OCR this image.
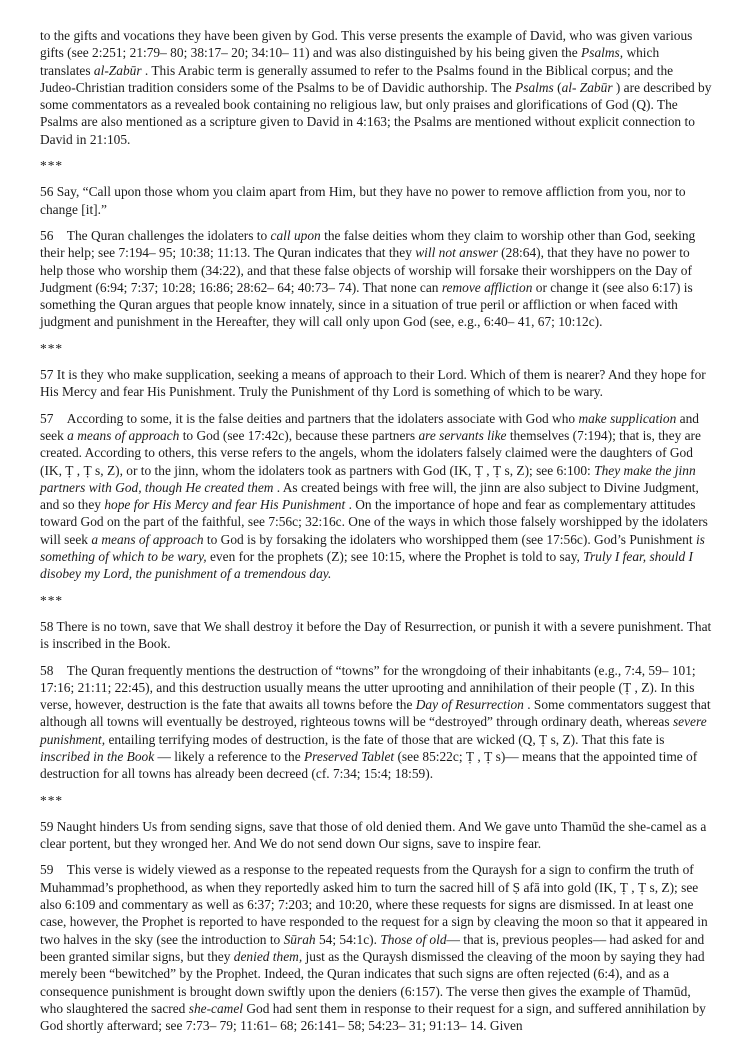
to the gifts and vocations they have been given by God. This verse presents the example of David, who was given various gifts (see 2:251; 21:79– 80; 38:17– 20; 34:10– 11) and was also distinguished by his being given the Psalms, which translates al-Zabūr . This Arabic term is generally assumed to refer to the Psalms found in the Biblical corpus; and the Judeo-Christian tradition considers some of the Psalms to be of Davidic authorship. The Psalms (al- Zabūr ) are described by some commentators as a revealed book containing no religious law, but only praises and glorifications of God (Q). The Psalms are also mentioned as a scripture given to David in 4:163; the Psalms are mentioned without explicit connection to David in 21:105.

***

56 Say, “Call upon those whom you claim apart from Him, but they have no power to remove affliction from you, nor to change [it].”

56  The Quran challenges the idolaters to call upon the false deities whom they claim to worship other than God, seeking their help; see 7:194– 95; 10:38; 11:13. The Quran indicates that they will not answer (28:64), that they have no power to help those who worship them (34:22), and that these false objects of worship will forsake their worshippers on the Day of Judgment (6:94; 7:37; 10:28; 16:86; 28:62– 64; 40:73– 74). That none can remove affliction or change it (see also 6:17) is something the Quran argues that people know innately, since in a situation of true peril or affliction or when faced with judgment and punishment in the Hereafter, they will call only upon God (see, e.g., 6:40– 41, 67; 10:12c).

***

57 It is they who make supplication, seeking a means of approach to their Lord. Which of them is nearer? And they hope for His Mercy and fear His Punishment. Truly the Punishment of thy Lord is something of which to be wary.

57  According to some, it is the false deities and partners that the idolaters associate with God who make supplication and seek a means of approach to God (see 17:42c), because these partners are servants like themselves (7:194); that is, they are created. According to others, this verse refers to the angels, whom the idolaters falsely claimed were the daughters of God (IK, Ṭ , Ṭ s, Z), or to the jinn, whom the idolaters took as partners with God (IK, Ṭ , Ṭ s, Z); see 6:100: They make the jinn partners with God, though He created them . As created beings with free will, the jinn are also subject to Divine Judgment, and so they hope for His Mercy and fear His Punishment . On the importance of hope and fear as complementary attitudes toward God on the part of the faithful, see 7:56c; 32:16c. One of the ways in which those falsely worshipped by the idolaters will seek a means of approach to God is by forsaking the idolaters who worshipped them (see 17:56c). God’s Punishment is something of which to be wary, even for the prophets (Z); see 10:15, where the Prophet is told to say, Truly I fear, should I disobey my Lord, the punishment of a tremendous day.

***

58 There is no town, save that We shall destroy it before the Day of Resurrection, or punish it with a severe punishment. That is inscribed in the Book.

58  The Quran frequently mentions the destruction of “towns” for the wrongdoing of their inhabitants (e.g., 7:4, 59– 101; 17:16; 21:11; 22:45), and this destruction usually means the utter uprooting and annihilation of their people (Ṭ , Z). In this verse, however, destruction is the fate that awaits all towns before the Day of Resurrection . Some commentators suggest that although all towns will eventually be destroyed, righteous towns will be “destroyed” through ordinary death, whereas severe punishment, entailing terrifying modes of destruction, is the fate of those that are wicked (Q, Ṭ s, Z). That this fate is inscribed in the Book — likely a reference to the Preserved Tablet (see 85:22c; Ṭ , Ṭ s)— means that the appointed time of destruction for all towns has already been decreed (cf. 7:34; 15:4; 18:59).

***

59 Naught hinders Us from sending signs, save that those of old denied them. And We gave unto Thamūd the she-camel as a clear portent, but they wronged her. And We do not send down Our signs, save to inspire fear.

59  This verse is widely viewed as a response to the repeated requests from the Quraysh for a sign to confirm the truth of Muhammad’s prophethood, as when they reportedly asked him to turn the sacred hill of Ṣ afā into gold (IK, Ṭ , Ṭ s, Z); see also 6:109 and commentary as well as 6:37; 7:203; and 10:20, where these requests for signs are dismissed. In at least one case, however, the Prophet is reported to have responded to the request for a sign by cleaving the moon so that it appeared in two halves in the sky (see the introduction to Sūrah 54; 54:1c). Those of old— that is, previous peoples— had asked for and been granted similar signs, but they denied them, just as the Quraysh dismissed the cleaving of the moon by saying they had merely been “bewitched” by the Prophet. Indeed, the Quran indicates that such signs are often rejected (6:4), and as a consequence punishment is brought down swiftly upon the deniers (6:157). The verse then gives the example of Thamūd, who slaughtered the sacred she-camel God had sent them in response to their request for a sign, and suffered annihilation by God shortly afterward; see 7:73– 79; 11:61– 68; 26:141– 58; 54:23– 31; 91:13– 14. Given
